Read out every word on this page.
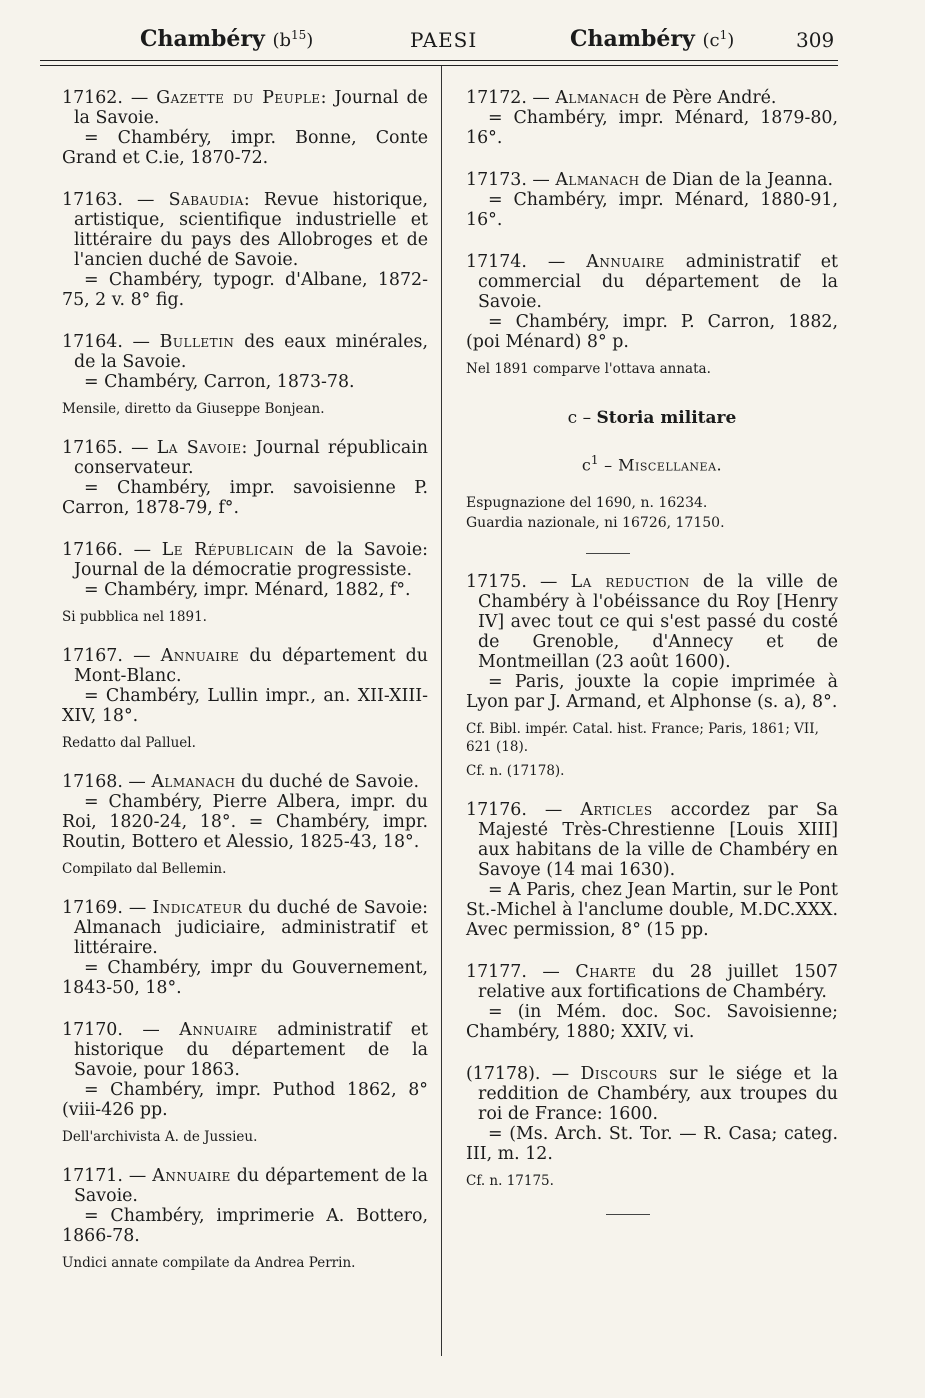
Chambéry $(b^{15})$	PAESI	Chambéry $(c^1)$	309
17162. — Gazette du Peuple: Journal de la Savoie.
= Chambéry, impr. Bonne, Conte Grand et C.ie, 1870-72.
17163. — Sabaudia: Revue historique, artistique, scientifique industrielle et littéraire du pays des Allobroges et de l'ancien duché de Savoie.
= Chambéry, typogr. d'Albane, 1872-75, 2 v. 8° fig.
17164. — Bulletin des eaux minérales, de la Savoie.
= Chambéry, Carron, 1873-78.
Mensile, diretto da Giuseppe Bonjean.
17165. — La Savoie: Journal républicain conservateur.
= Chambéry, impr. savoisienne P. Carron, 1878-79, f°.
17166. — Le Républicain de la Savoie: Journal de la démocratie progressiste.
= Chambéry, impr. Ménard, 1882, f°.
Si pubblica nel 1891.
17167. — Annuaire du département du Mont-Blanc.
= Chambéry, Lullin impr., an. XII-XIII-XIV, 18°.
Redatto dal Palluel.
17168. — Almanach du duché de Savoie.
= Chambéry, Pierre Albera, impr. du Roi, 1820-24, 18°. = Chambéry, impr. Routin, Bottero et Alessio, 1825-43, 18°.
Compilato dal Bellemin.
17169. — Indicateur du duché de Savoie: Almanach judiciaire, administratif et littéraire.
= Chambéry, impr du Gouvernement, 1843-50, 18°.
17170. — Annuaire administratif et historique du département de la Savoie, pour 1863.
= Chambéry, impr. Puthod 1862, 8° (viii-426 pp.
Dell'archivista A. de Jussieu.
17171. — Annuaire du département de la Savoie.
= Chambéry, imprimerie A. Bottero, 1866-78.
Undici annate compilate da Andrea Perrin.
17172. — Almanach de Père André.
= Chambéry, impr. Ménard, 1879-80, 16°.
17173. — Almanach de Dian de la Jeanna.
= Chambéry, impr. Ménard, 1880-91, 16°.
17174. — Annuaire administratif et commercial du département de la Savoie.
= Chambéry, impr. P. Carron, 1882, (poi Ménard) 8° p.
Nel 1891 comparve l'ottava annata.
c – Storia militare
$c^1$ – Miscellanea.
Espugnazione del 1690, n. 16234.
Guardia nazionale, ni 16726, 17150.
17175. — La reduction de la ville de Chambéry à l'obéissance du Roy [Henry IV] avec tout ce qui s'est passé du costé de Grenoble, d'Annecy et de Montmeillan (23 août 1600).
= Paris, jouxte la copie imprimée à Lyon par J. Armand, et Alphonse (s. a), 8°.
Cf. Bibl. impér. Catal. hist. France; Paris, 1861; VII, 621 (18).
Cf. n. (17178).
17176. — Articles accordez par Sa Majesté Très-Chrestienne [Louis XIII] aux habitans de la ville de Chambéry en Savoye (14 mai 1630).
= A Paris, chez Jean Martin, sur le Pont St.-Michel à l'anclume double, M.DC.XXX. Avec permission, 8° (15 pp.
17177. — Charte du 28 juillet 1507 relative aux fortifications de Chambéry.
= (in Mém. doc. Soc. Savoisienne; Chambéry, 1880; XXIV, vi.
(17178). — Discours sur le siége et la reddition de Chambéry, aux troupes du roi de France: 1600.
= (Ms. Arch. St. Tor. — R. Casa; categ. III, m. 12.
Cf. n. 17175.
